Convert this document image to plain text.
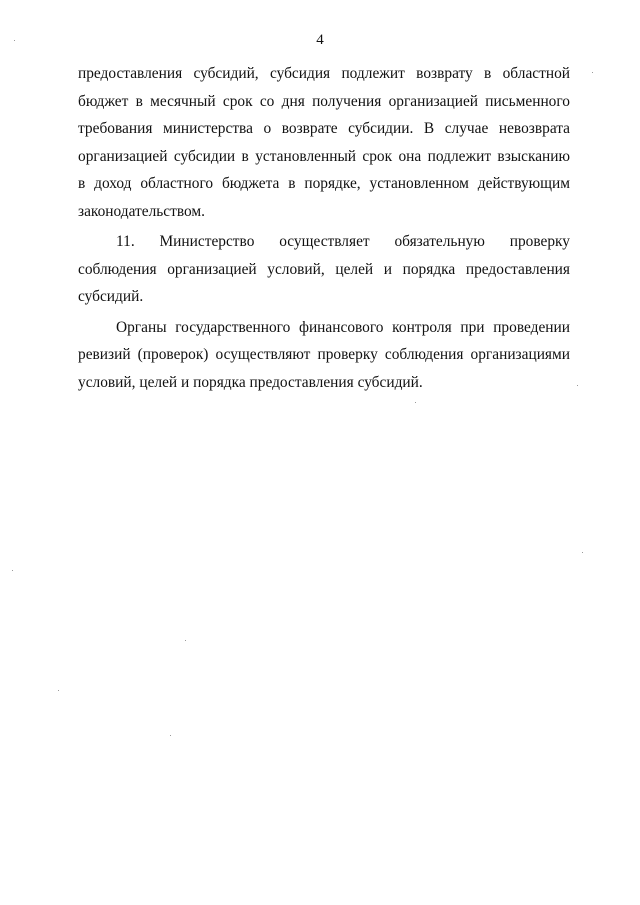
4

предоставления субсидий, субсидия подлежит возврату в областной
бюджет в месячный срок со дня получения организацией письменного
требования министерства о возврате субсидии. В случае невозврата
организацией субсидии в установленный срок она подлежит взысканию
в доход областного бюджета в порядке, установленном действующим
законодательством.

11. Министерство осуществляет обязательную проверку
соблюдения организацией условий, целей и порядка предоставления
субсидий.

Органы государственного финансового контроля при проведении
ревизий (проверок) осуществляют проверку соблюдения организациями
условий, целей и порядка предоставления субсидий.
